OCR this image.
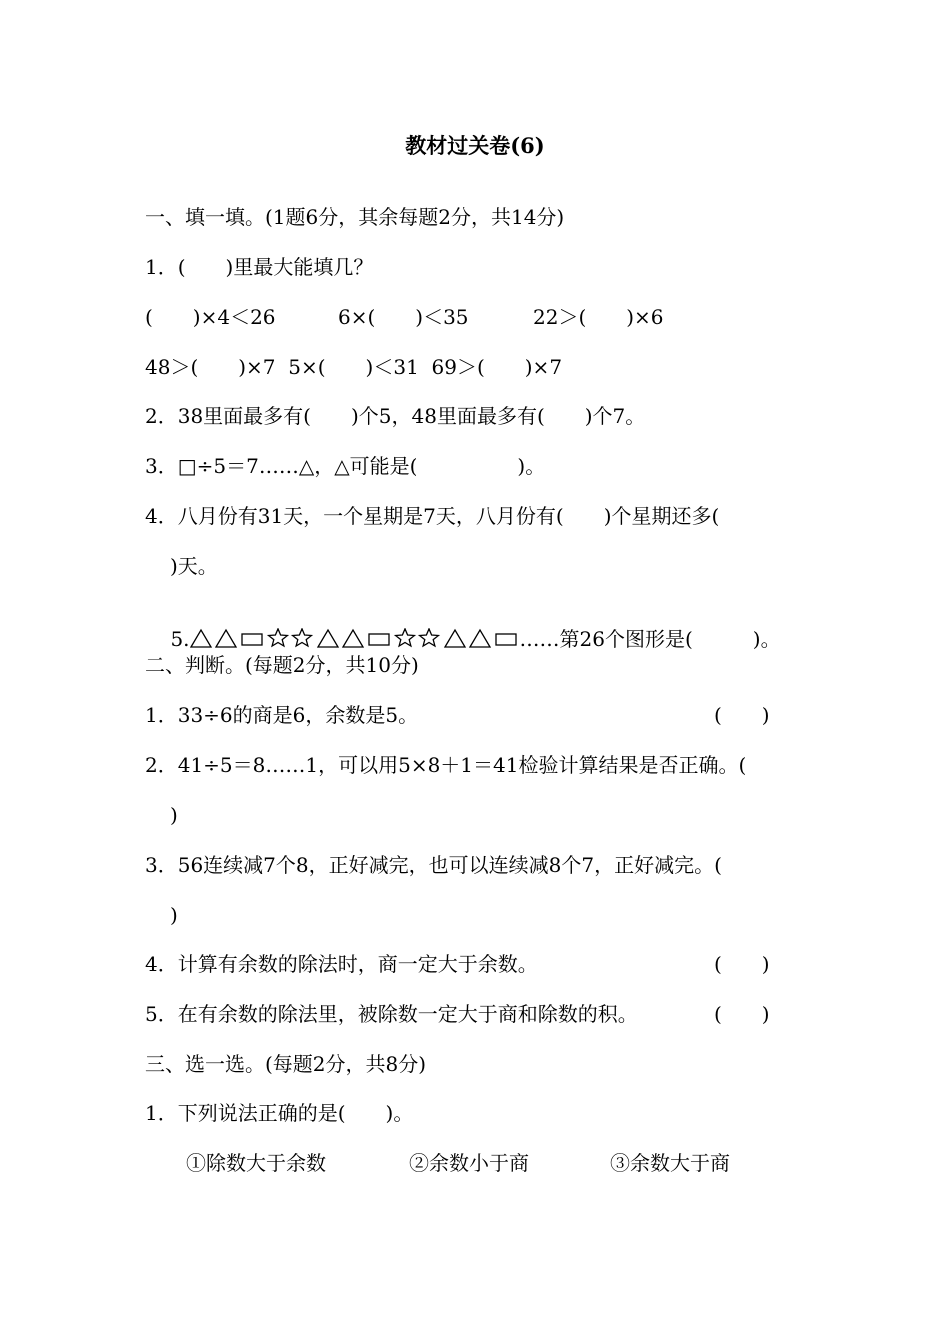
教材过关卷(6)
一、填一填。(1题6分，其余每题2分，共14分)
1．(　　)里最大能填几？
(　　)×4＜26	6×(　　)＜35	22＞(　　)×6
48＞(　　)×7  5×(　　)＜31  69＞(　　)×7
2．38里面最多有(　　)个5，48里面最多有(　　)个7。
3．□÷5＝7……△，△可能是(　　　　　)。
4．八月份有31天，一个星期是7天，八月份有(　　)个星期还多(
)天。

5.	……第26个图形是(　　　)。

二、判断。(每题2分，共10分)
1．33÷6的商是6，余数是5。	(　　)
2．41÷5＝8……1，可以用5×8＋1＝41检验计算结果是否正确。(
)
3．56连续减7个8，正好减完，也可以连续减8个7，正好减完。(
)
4．计算有余数的除法时，商一定大于余数。	(　　)
5．在有余数的除法里，被除数一定大于商和除数的积。	(　　)
三、选一选。(每题2分，共8分)
1．下列说法正确的是(　　)。
①除数大于余数	②余数小于商	③余数大于商
